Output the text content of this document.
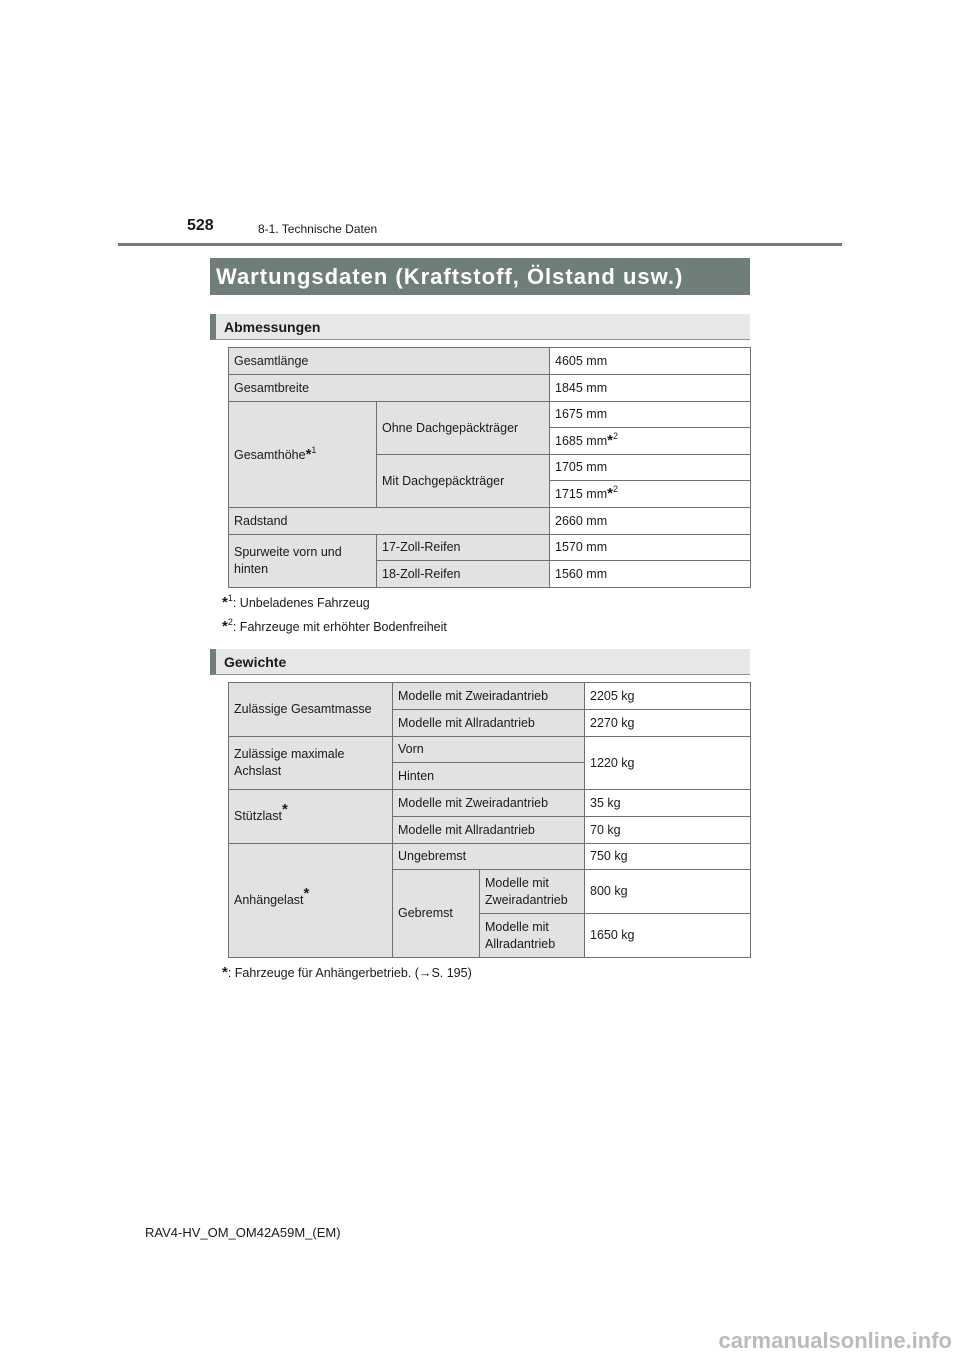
528	8-1. Technische Daten
Wartungsdaten (Kraftstoff, Ölstand usw.)
Abmessungen
Gesamtlänge		4605 mm
Gesamtbreite		1845 mm
Gesamthöhe*$^1$	Ohne Dachgepäckträger	1675 mm
		1685 mm*$^2$
	Mit Dachgepäckträger	1705 mm
		1715 mm*$^2$
Radstand		2660 mm
Spurweite vorn und hinten	17-Zoll-Reifen	1570 mm
	18-Zoll-Reifen	1560 mm
*$^1$: Unbeladenes Fahrzeug
*$^2$: Fahrzeuge mit erhöhter Bodenfreiheit
Gewichte
Zulässige Gesamtmasse	Modelle mit Zweiradantrieb		2205 kg
	Modelle mit Allradantrieb		2270 kg
Zulässige maximale Achslast	Vorn		1220 kg
	Hinten		
Stützlast*	Modelle mit Zweiradantrieb		35 kg
	Modelle mit Allradantrieb		70 kg
Anhängelast*	Ungebremst		750 kg
	Gebremst	Modelle mit Zweiradantrieb	800 kg
		Modelle mit Allradantrieb	1650 kg
*: Fahrzeuge für Anhängerbetrieb. (→S. 195)
RAV4-HV_OM_OM42A59M_(EM)
carmanualsonline.info
